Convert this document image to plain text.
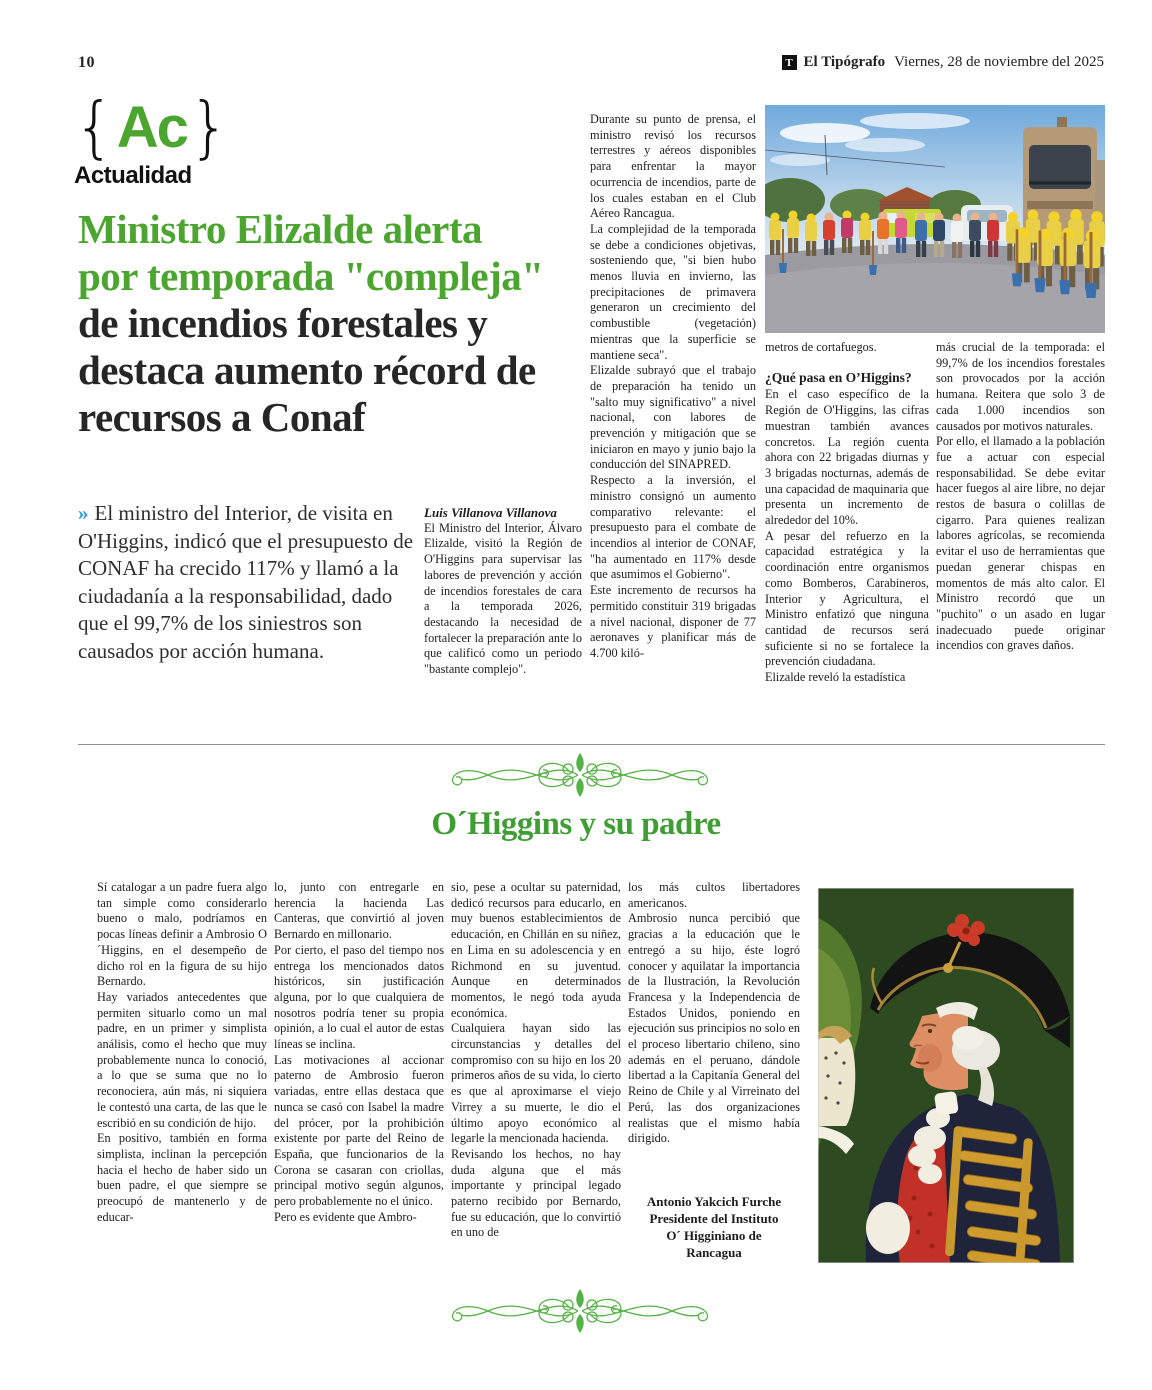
10	T El Tipógrafo Viernes, 28 de noviembre del 2025
{ Ac }
Actualidad

Ministro Elizalde alerta

por temporada "compleja"

de incendios forestales y

destaca aumento récord de

recursos a Conaf

» El ministro del Interior, de visita en O'Higgins, indicó que el presupuesto de CONAF ha crecido 117% y llamó a la ciudadanía a la responsabilidad, dado que el 99,7% de los siniestros son causados por acción humana.

Luis Villanova Villanova

El Ministro del Interior, Álvaro Elizalde, visitó la Región de O'Higgins para supervisar las labores de prevención y acción de incendios forestales de cara a la temporada 2026, destacando la necesidad de fortalecer la preparación ante lo que calificó como un periodo "bastante complejo".

Durante su punto de prensa, el ministro revisó los recursos terrestres y aéreos disponibles para enfrentar la mayor ocurrencia de incendios, parte de los cuales estaban en el Club Aéreo Rancagua.

La complejidad de la temporada se debe a condiciones objetivas, sosteniendo que, "si bien hubo menos lluvia en invierno, las precipitaciones de primavera generaron un crecimiento del combustible (vegetación) mientras que la superficie se mantiene seca".

Elizalde subrayó que el trabajo de preparación ha tenido un "salto muy significativo" a nivel nacional, con labores de prevención y mitigación que se iniciaron en mayo y junio bajo la conducción del SINAPRED.

Respecto a la inversión, el ministro consignó un aumento comparativo relevante: el presupuesto para el combate de incendios al interior de CONAF, "ha aumentado en 117% desde que asumimos el Gobierno".

Este incremento de recursos ha permitido constituir 319 brigadas a nivel nacional, disponer de 77 aeronaves y planificar más de 4.700 kiló-

metros de cortafuegos.

¿Qué pasa en O’Higgins?

En el caso específico de la Región de O'Higgins, las cifras muestran también avances concretos. La región cuenta ahora con 22 brigadas diurnas y 3 brigadas nocturnas, además de una capacidad de maquinaria que presenta un incremento de alrededor del 10%.

A pesar del refuerzo en la capacidad estratégica y la coordinación entre organismos como Bomberos, Carabineros, Interior y Agricultura, el Ministro enfatizó que ninguna cantidad de recursos será suficiente si no se fortalece la prevención ciudadana.

Elizalde reveló la estadística

más crucial de la temporada: el 99,7% de los incendios forestales son provocados por la acción humana. Reitera que solo 3 de cada 1.000 incendios son causados por motivos naturales.

Por ello, el llamado a la población fue a actuar con especial responsabilidad. Se debe evitar hacer fuegos al aire libre, no dejar restos de basura o colillas de cigarro. Para quienes realizan labores agrícolas, se recomienda evitar el uso de herramientas que puedan generar chispas en momentos de más alto calor. El Ministro recordó que un "puchito" o un asado en lugar inadecuado puede originar incendios con graves daños.

O´Higgins y su padre

Sí catalogar a un padre fuera algo tan simple como considerarlo bueno o malo, podríamos en pocas líneas definir a Ambrosio O´Higgins, en el desempeño de dicho rol en la figura de su hijo Bernardo.

Hay variados antecedentes que permiten situarlo como un mal padre, en un primer y simplista análisis, como el hecho que muy probablemente nunca lo conoció, a lo que se suma que no lo reconociera, aún más, ni siquiera le contestó una carta, de las que le escribió en su condición de hijo.

En positivo, también en forma simplista, inclinan la percepción hacia el hecho de haber sido un buen padre, el que siempre se preocupó de mantenerlo y de educar-

lo, junto con entregarle en herencia la hacienda Las Canteras, que convirtió al joven Bernardo en millonario.

Por cierto, el paso del tiempo nos entrega los mencionados datos históricos, sin justificación alguna, por lo que cualquiera de nosotros podría tener su propia opinión, a lo cual el autor de estas líneas se inclina.

Las motivaciones al accionar paterno de Ambrosio fueron variadas, entre ellas destaca que nunca se casó con Isabel la madre del prócer, por la prohibición existente por parte del Reino de España, que funcionarios de la Corona se casaran con criollas, principal motivo según algunos, pero probablemente no el único.

Pero es evidente que Ambro-

sio, pese a ocultar su paternidad, dedicó recursos para educarlo, en muy buenos establecimientos de educación, en Chillán en su niñez, en Lima en su adolescencia y en Richmond en su juventud. Aunque en determinados momentos, le negó toda ayuda económica.

Cualquiera hayan sido las circunstancias y detalles del compromiso con su hijo en los 20 primeros años de su vida, lo cierto es que al aproximarse el viejo Virrey a su muerte, le dio el último apoyo económico al legarle la mencionada hacienda.

Revisando los hechos, no hay duda alguna que el más importante y principal legado paterno recibido por Bernardo, fue su educación, que lo convirtió en uno de

los más cultos libertadores americanos.

Ambrosio nunca percibió que gracias a la educación que le entregó a su hijo, éste logró conocer y aquilatar la importancia de la Ilustración, la Revolución Francesa y la Independencia de Estados Unidos, poniendo en ejecución sus principios no solo en el proceso libertario chileno, sino además en el peruano, dándole libertad a la Capitanía General del Reino de Chile y al Virreinato del Perú, las dos organizaciones realistas que el mismo había dirigido.

Antonio Yakcich Furche

Presidente del Instituto

O´ Higginiano de

Rancagua
